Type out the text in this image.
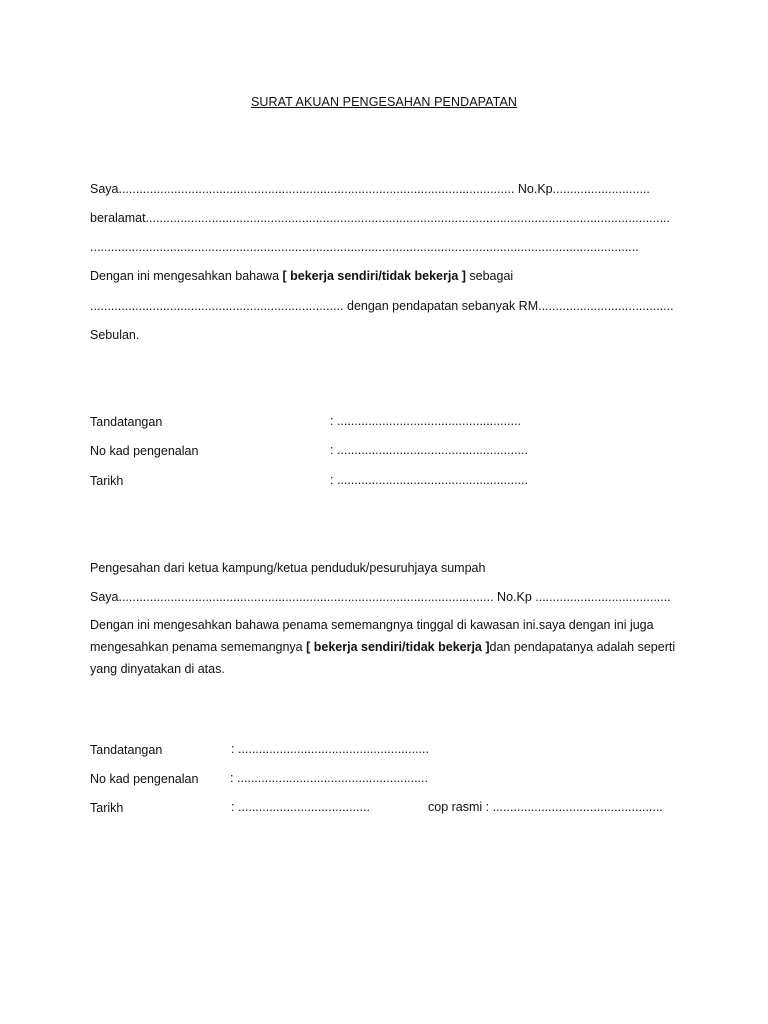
SURAT AKUAN PENGESAHAN PENDAPATAN
Saya.................................................................................................................. No.Kp............................
beralamat.......................................................................................................................................................
..............................................................................................................................................................
Dengan ini mengesahkan bahawa [ bekerja sendiri/tidak bekerja ] sebagai
......................................................................... dengan pendapatan sebanyak RM.......................................
Sebulan.
Tandatangan	: .....................................................
No kad pengenalan	: .......................................................
Tarikh	: .......................................................
Pengesahan dari ketua kampung/ketua penduduk/pesuruhjaya sumpah
Saya............................................................................................................ No.Kp .......................................
Dengan ini mengesahkan bahawa penama sememangnya tinggal di kawasan ini.saya dengan ini juga mengesahkan penama sememangnya [ bekerja sendiri/tidak bekerja ]dan pendapatanya adalah seperti yang dinyatakan di atas.
Tandatangan	: .......................................................
No kad pengenalan	: .......................................................
Tarikh	: ......................................	cop rasmi : .................................................
